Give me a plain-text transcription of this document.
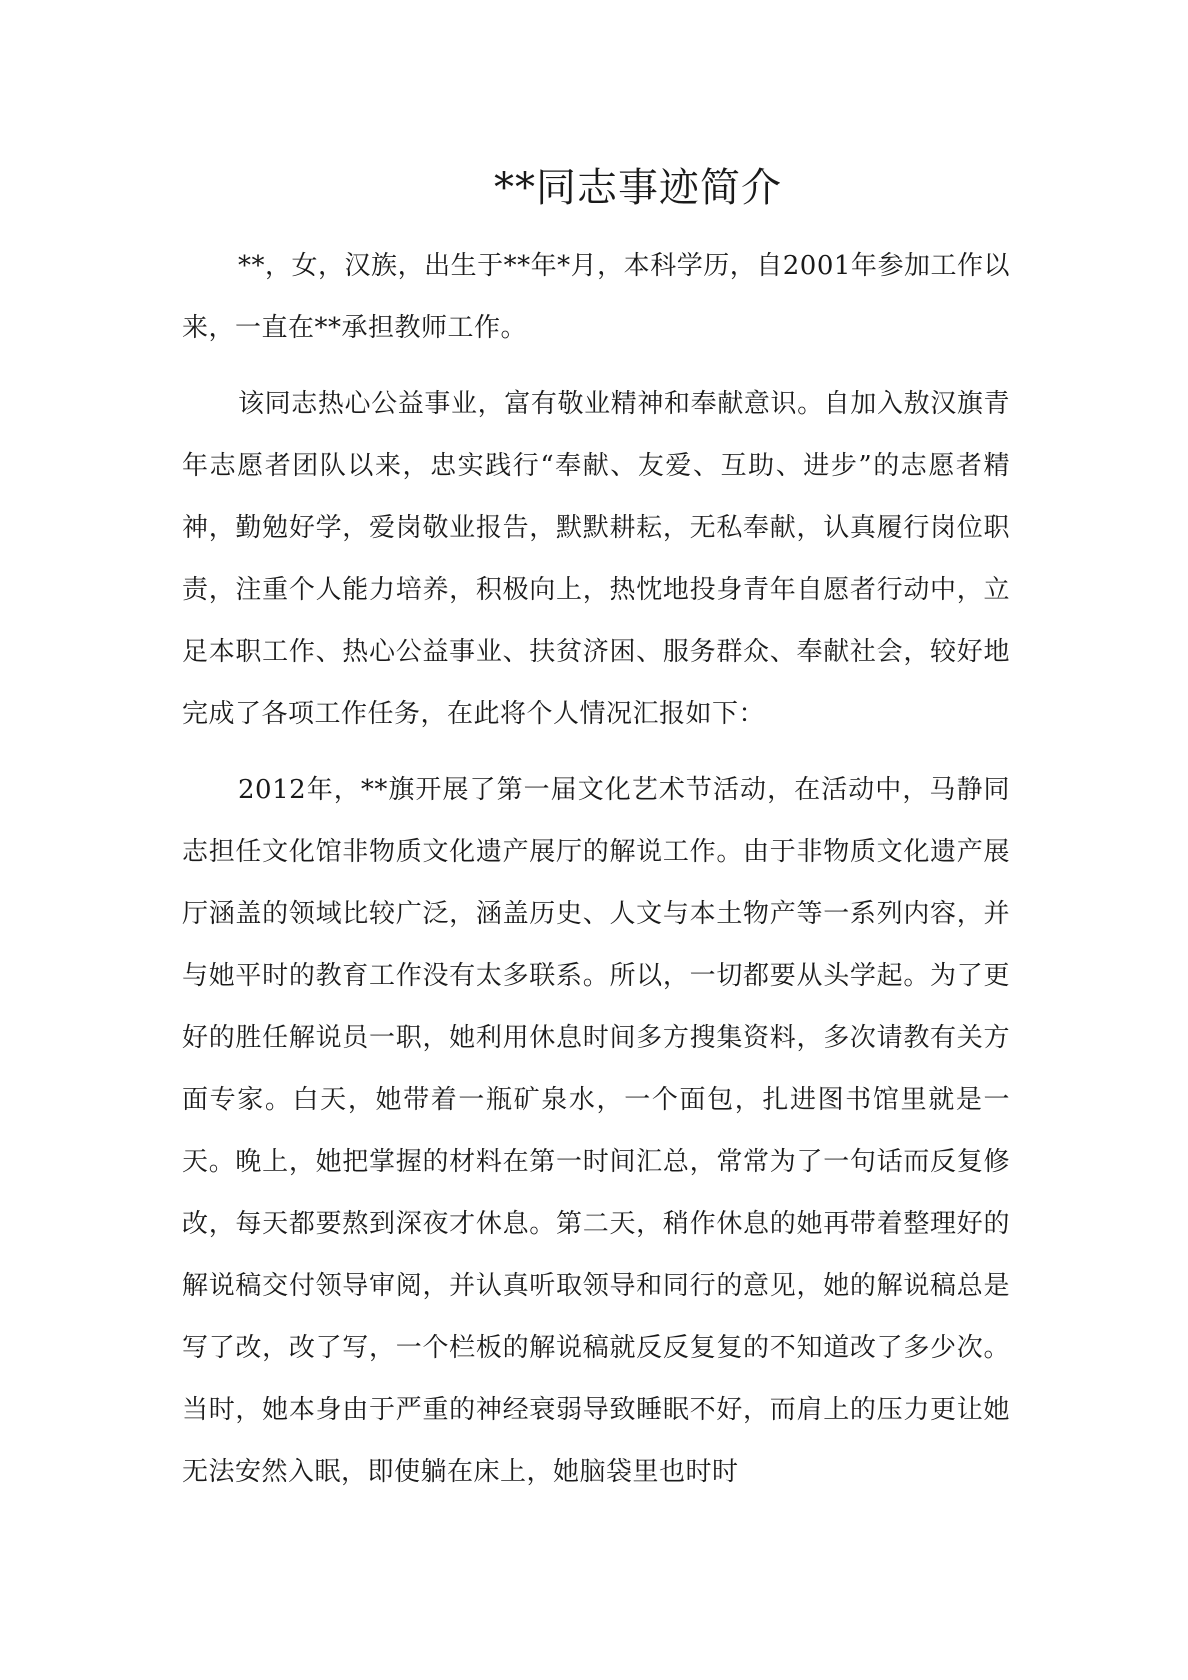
**同志事迹简介

**，女，汉族，出生于**年*月，本科学历，自2001年参加工作以来，一直在**承担教师工作。

该同志热心公益事业，富有敬业精神和奉献意识。自加入敖汉旗青年志愿者团队以来，忠实践行“奉献、友爱、互助、进步”的志愿者精神，勤勉好学，爱岗敬业报告，默默耕耘，无私奉献，认真履行岗位职责，注重个人能力培养，积极向上，热忱地投身青年自愿者行动中，立足本职工作、热心公益事业、扶贫济困、服务群众、奉献社会，较好地完成了各项工作任务，在此将个人情况汇报如下：

2012年，**旗开展了第一届文化艺术节活动，在活动中，马静同志担任文化馆非物质文化遗产展厅的解说工作。由于非物质文化遗产展厅涵盖的领域比较广泛，涵盖历史、人文与本土物产等一系列内容，并与她平时的教育工作没有太多联系。所以，一切都要从头学起。为了更好的胜任解说员一职，她利用休息时间多方搜集资料，多次请教有关方面专家。白天，她带着一瓶矿泉水，一个面包，扎进图书馆里就是一天。晚上，她把掌握的材料在第一时间汇总，常常为了一句话而反复修改，每天都要熬到深夜才休息。第二天，稍作休息的她再带着整理好的解说稿交付领导审阅，并认真听取领导和同行的意见，她的解说稿总是写了改，改了写，一个栏板的解说稿就反反复复的不知道改了多少次。当时，她本身由于严重的神经衰弱导致睡眠不好，而肩上的压力更让她无法安然入眠，即使躺在床上，她脑袋里也时时
